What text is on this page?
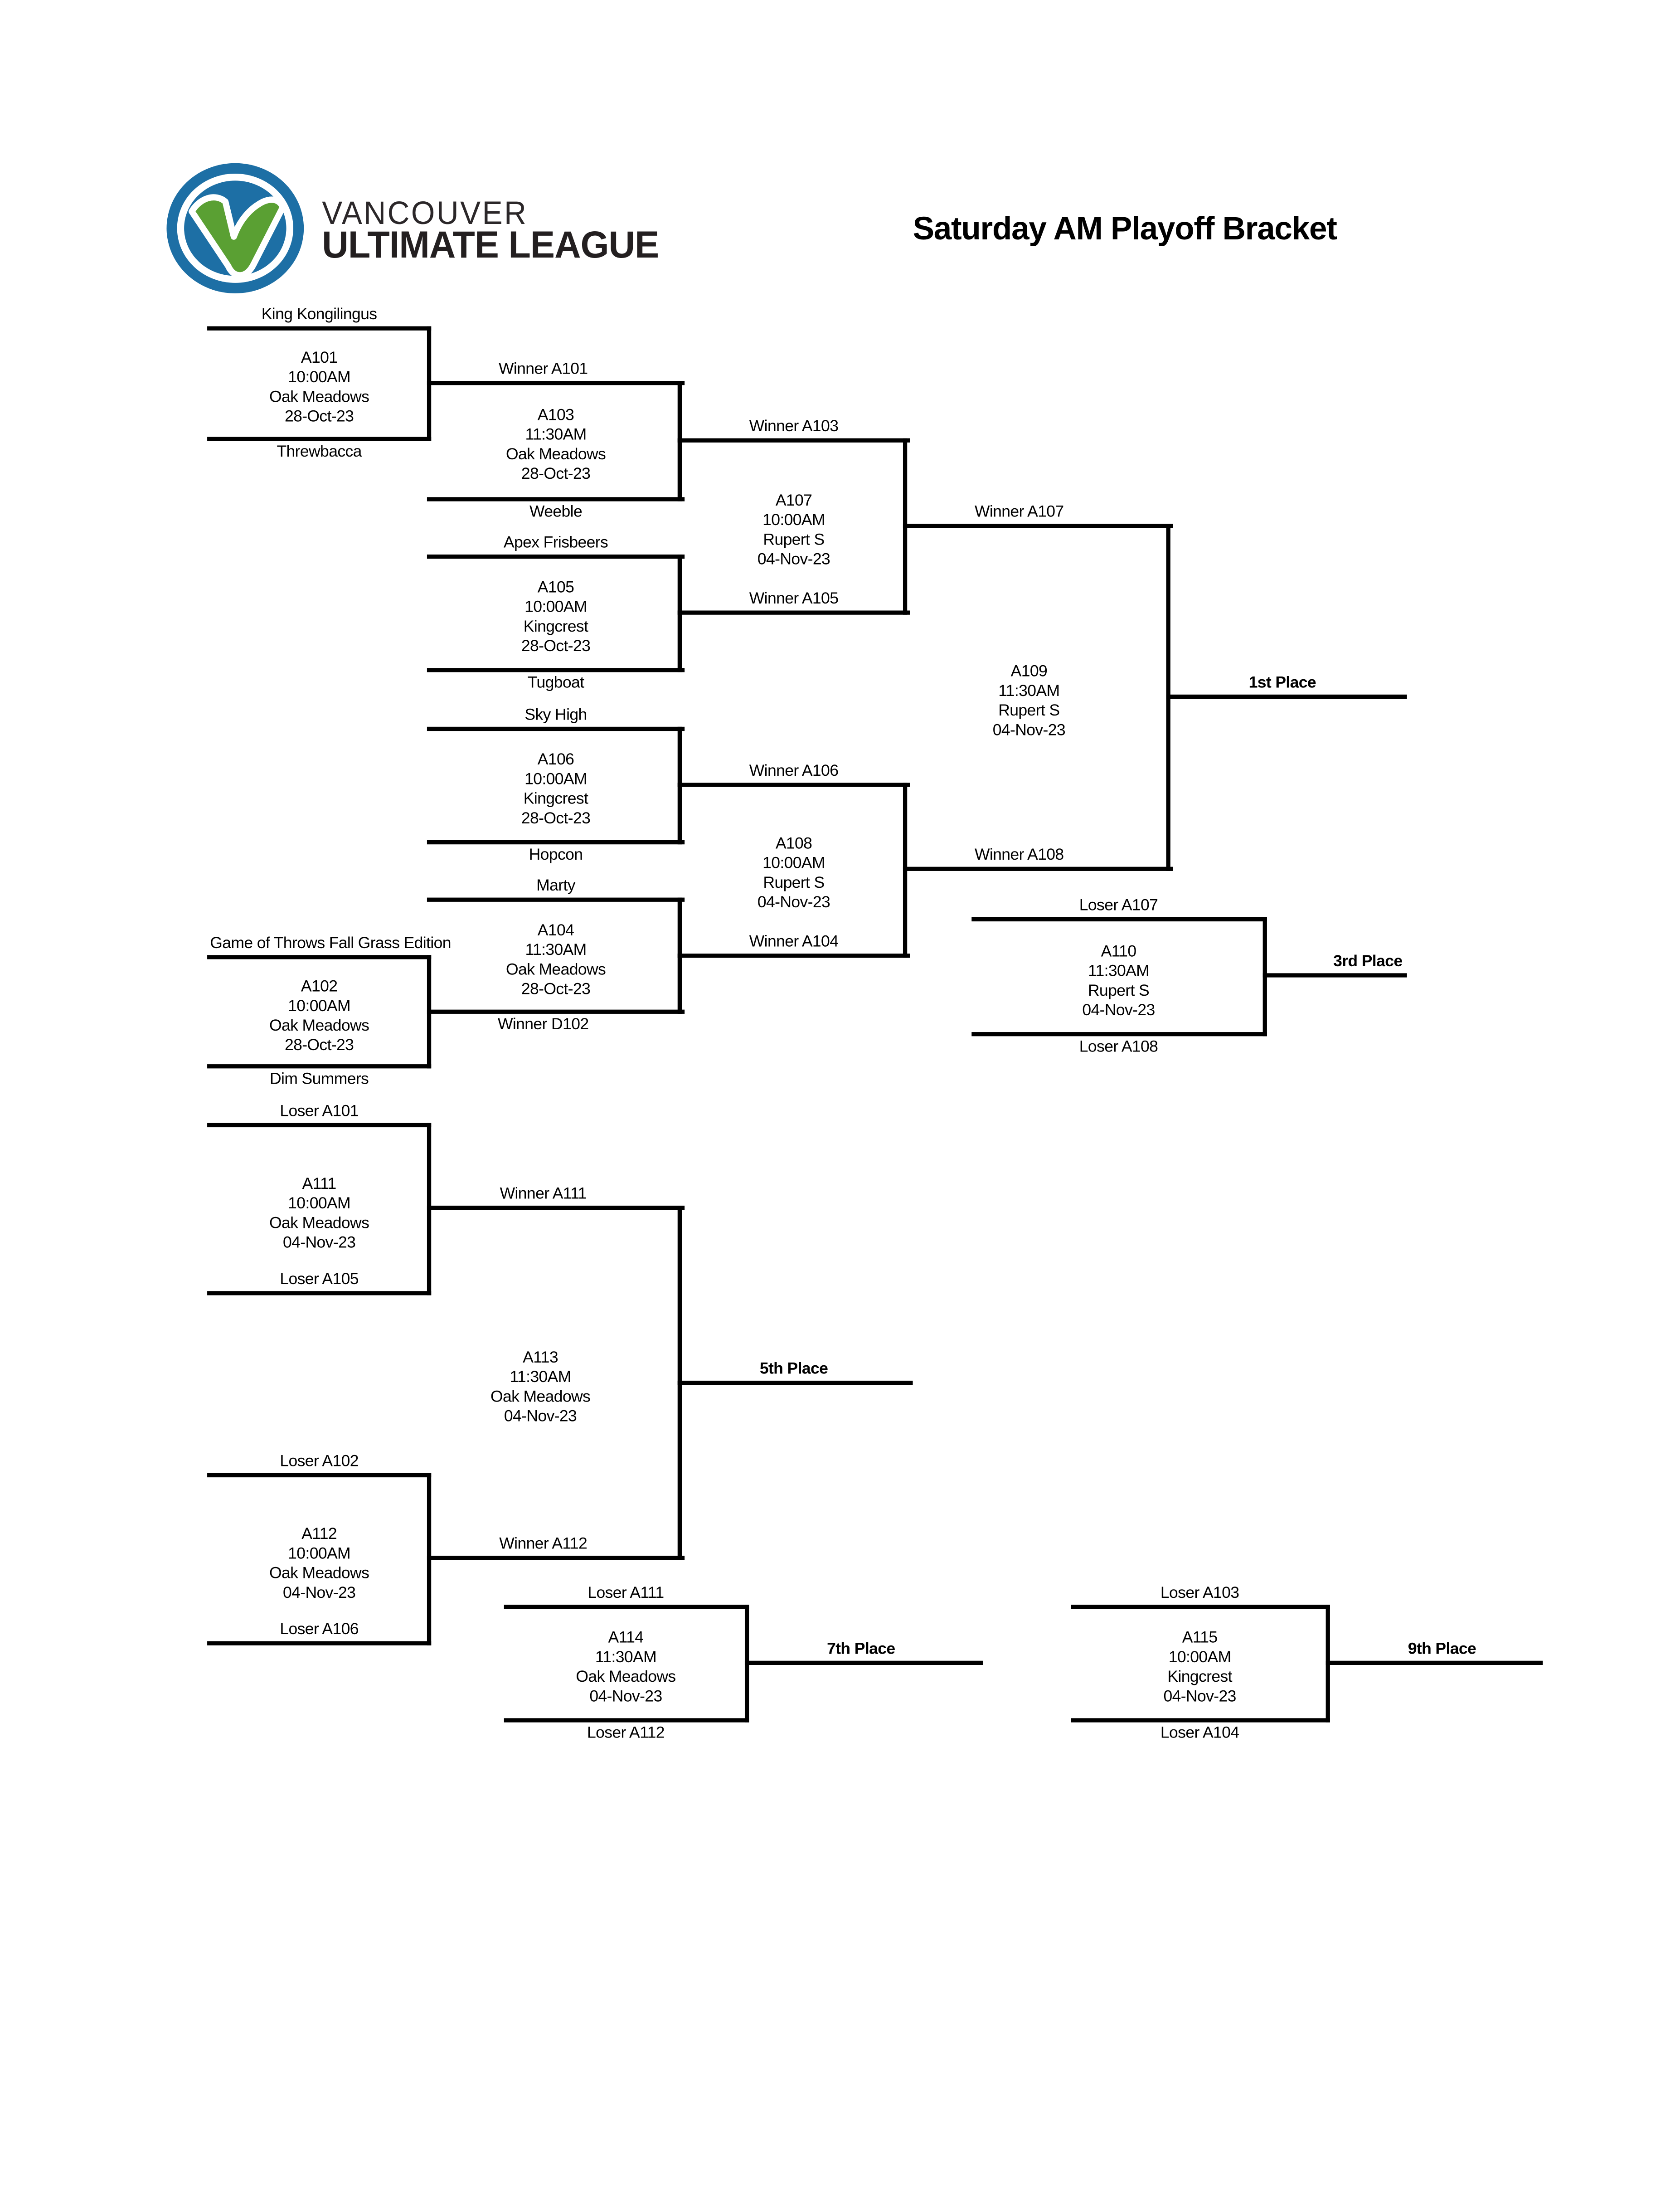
VANCOUVER
ULTIMATE LEAGUE	Saturday AM Playoff Bracket
King Kongilingus
Threwbacca
Game of Throws Fall Grass Edition
Dim Summers
Weeble
Apex Frisbeers
Tugboat
Sky High
Hopcon
Marty
Winner A101
Winner D102
Winner A103
Winner A105
Winner A106
Winner A104
Winner A107
Winner A108
Loser A107
Loser A108
Loser A101
Loser A105
Loser A102
Loser A106
Winner A111
Winner A112
Loser A111
Loser A112
Loser A103
Loser A104
1st Place
3rd Place
5th Place
7th Place	9th Place
A101
10:00AM
Oak Meadows
28-Oct-23	A103
11:30AM
Oak Meadows
28-Oct-23
A105
10:00AM
Kingcrest
28-Oct-23
A106
10:00AM
Kingcrest
28-Oct-23
A104
11:30AM
Oak Meadows
28-Oct-23
A102
10:00AM
Oak Meadows
28-Oct-23
A107
10:00AM
Rupert S
04-Nov-23
A108
10:00AM
Rupert S
04-Nov-23
A109
11:30AM
Rupert S
04-Nov-23
A110
11:30AM
Rupert S
04-Nov-23
A111
10:00AM
Oak Meadows
04-Nov-23
A112
10:00AM
Oak Meadows
04-Nov-23
A113
11:30AM
Oak Meadows
04-Nov-23
A114
11:30AM
Oak Meadows
04-Nov-23
A115
10:00AM
Kingcrest
04-Nov-23
